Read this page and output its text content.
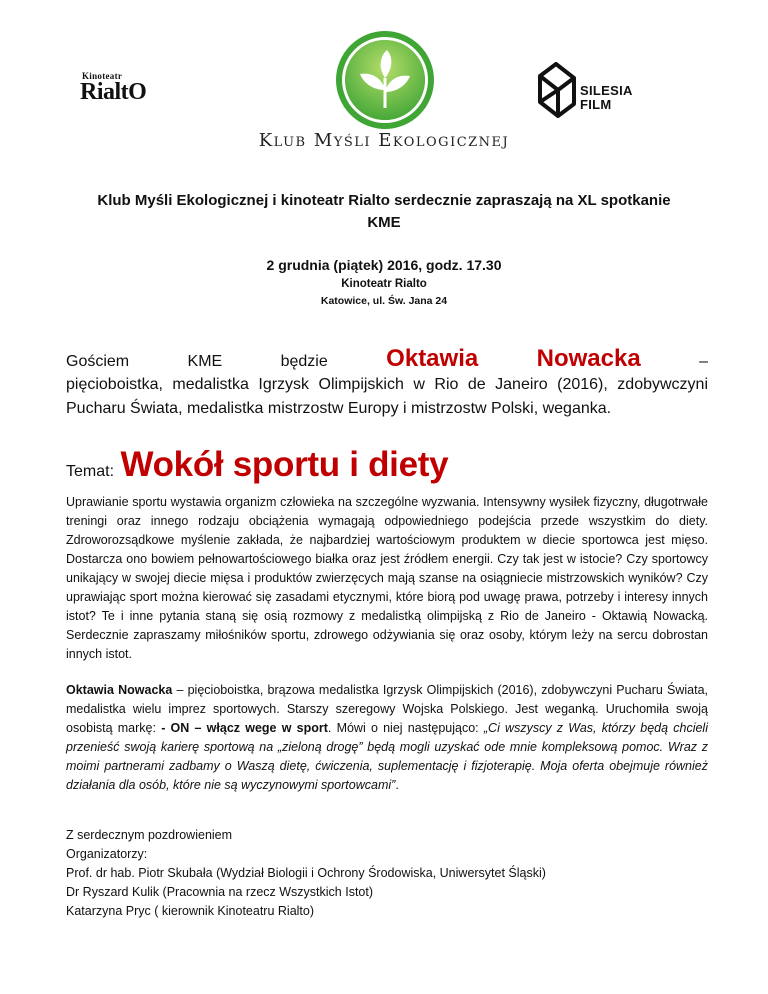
Kinoteatr
RialtO	SILESIA
FILM
Klub Myśli Ekologicznej
Klub Myśli Ekologicznej i kinoteatr Rialto serdecznie zapraszają na XL spotkanie KME
2 grudnia (piątek) 2016, godz. 17.30
Kinoteatr Rialto
Katowice, ul. Św. Jana 24
Gościem	KME	będzie Oktawia Nowacka	–
pięcioboistka, medalistka Igrzysk Olimpijskich w Rio de Janeiro (2016), zdobywczyni Pucharu Świata, medalistka mistrzostw Europy i mistrzostw Polski, weganka.
Temat: Wokół sportu i diety
Uprawianie sportu wystawia organizm człowieka na szczególne wyzwania. Intensywny wysiłek fizyczny, długotrwałe treningi oraz innego rodzaju obciążenia wymagają odpowiedniego podejścia przede wszystkim do diety. Zdroworozsądkowe myślenie zakłada, że najbardziej wartościowym produktem w diecie sportowca jest mięso. Dostarcza ono bowiem pełnowartościowego białka oraz jest źródłem energii. Czy tak jest w istocie? Czy sportowcy unikający w swojej diecie mięsa i produktów zwierzęcych mają szanse na osiągniecie mistrzowskich wyników? Czy uprawiając sport można kierować się zasadami etycznymi, które biorą pod uwagę prawa, potrzeby i interesy innych istot? Te i inne pytania staną się osią rozmowy z medalistką olimpijską z Rio de Janeiro - Oktawią Nowacką. Serdecznie zapraszamy miłośników sportu, zdrowego odżywiania się oraz osoby, którym leży na sercu dobrostan innych istot.
Oktawia Nowacka – pięcioboistka, brązowa medalistka Igrzysk Olimpijskich (2016), zdobywczyni Pucharu Świata, medalistka wielu imprez sportowych. Starszy szeregowy Wojska Polskiego. Jest weganką. Uruchomiła swoją osobistą markę: - ON – włącz wege w sport. Mówi o niej następująco: „Ci wszyscy z Was, którzy będą chcieli przenieść swoją karierę sportową na „zieloną drogę” będą mogli uzyskać ode mnie kompleksową pomoc. Wraz z moimi partnerami zadbamy o Waszą dietę, ćwiczenia, suplementację i fizjoterapię. Moja oferta obejmuje również działania dla osób, które nie są wyczynowymi sportowcami”.
Z serdecznym pozdrowieniem
Organizatorzy:
Prof. dr hab. Piotr Skubała (Wydział Biologii i Ochrony Środowiska, Uniwersytet Śląski)
Dr Ryszard Kulik (Pracownia na rzecz Wszystkich Istot)
Katarzyna Pryc ( kierownik Kinoteatru Rialto)
